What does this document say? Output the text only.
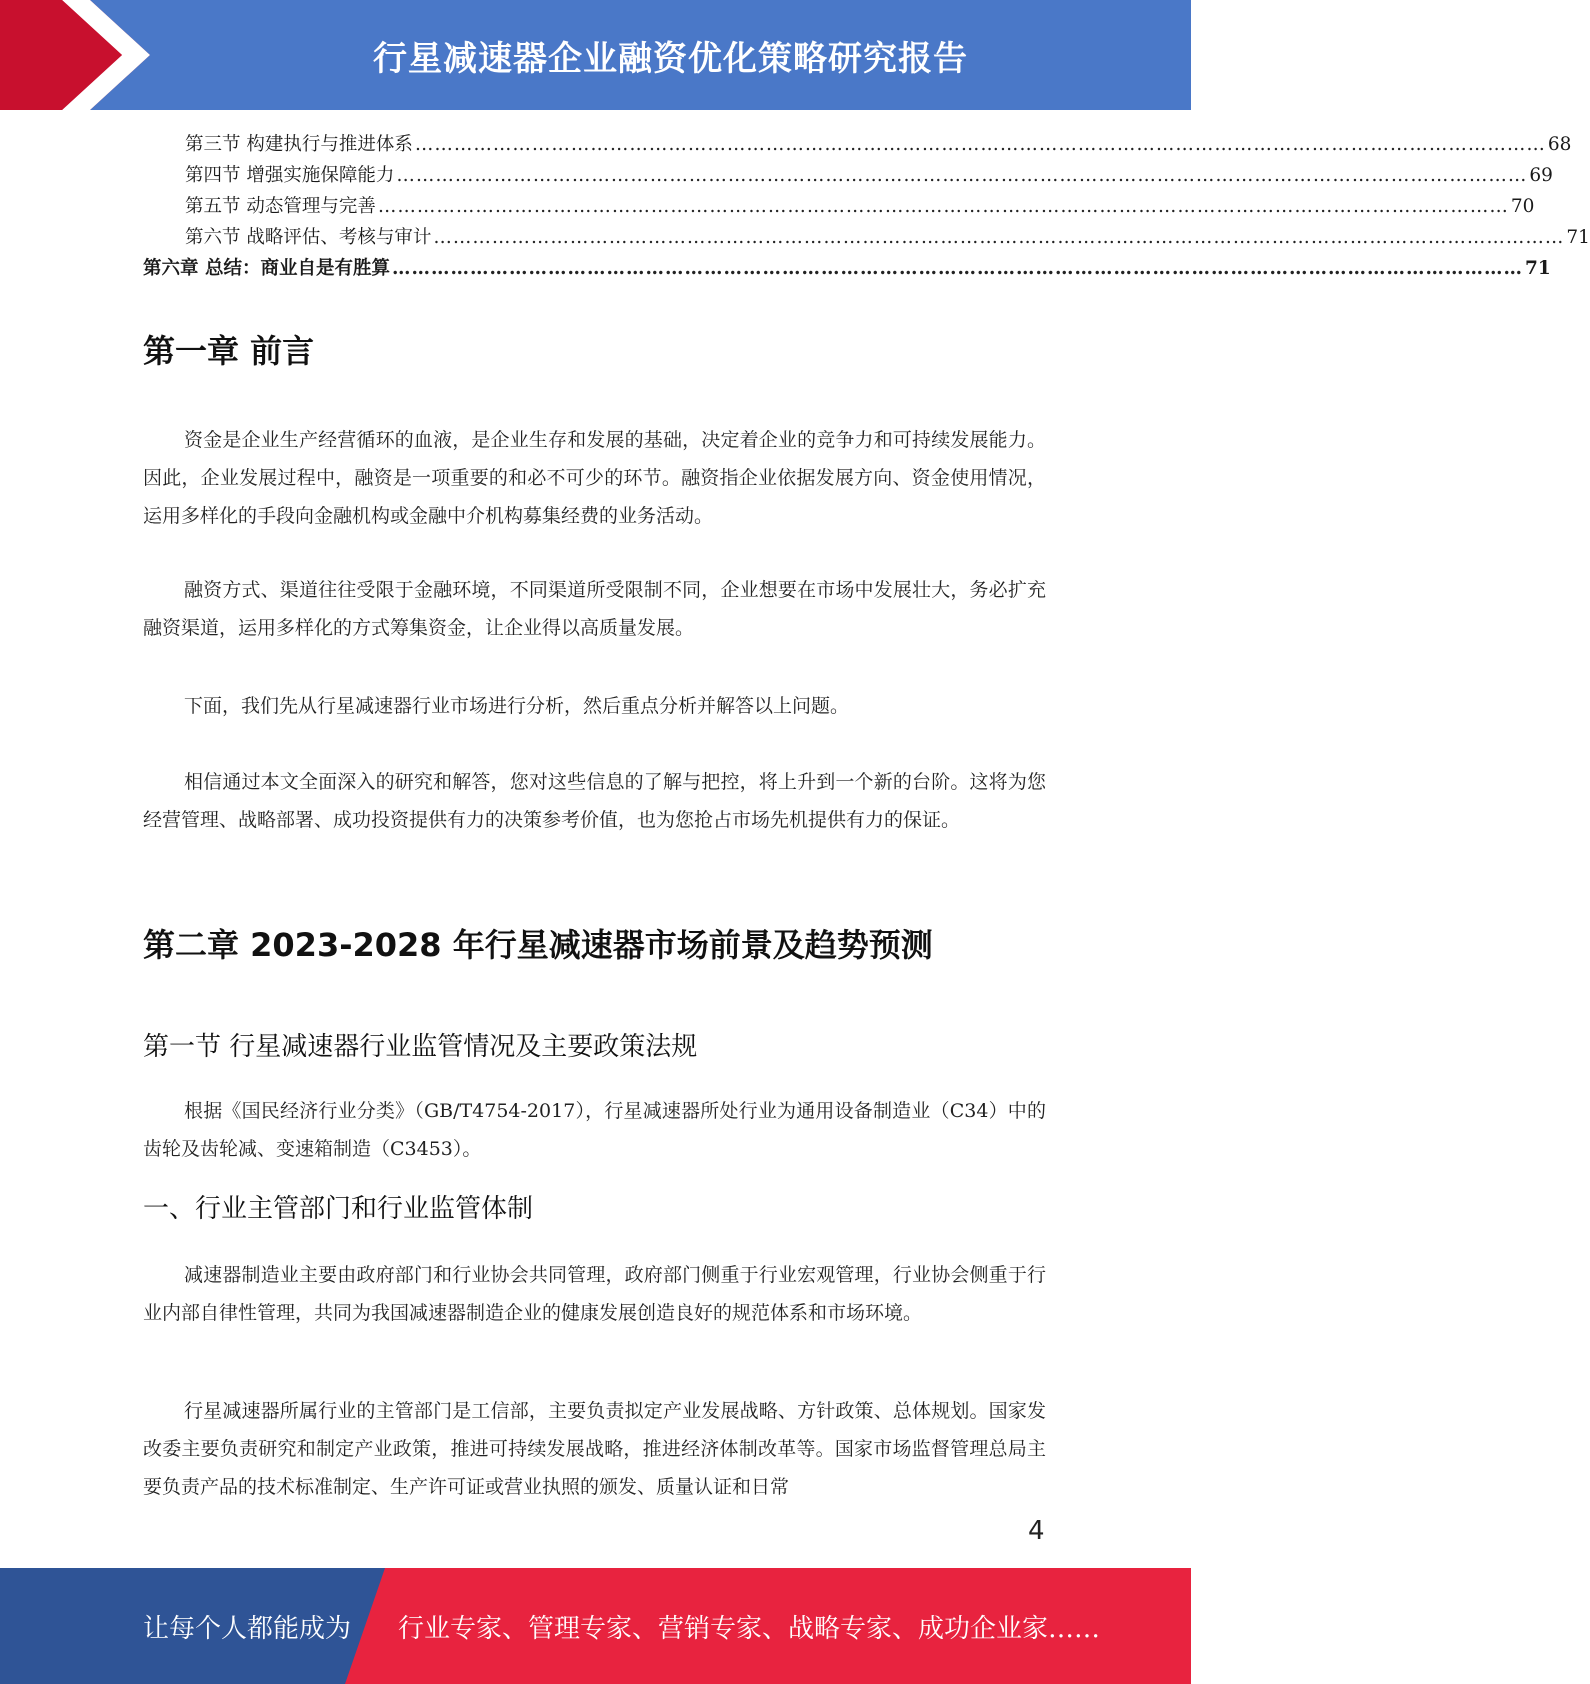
行星减速器企业融资优化策略研究报告
第三节 构建执行与推进体系 ………………………………………………………………………………………………………………………………………………………… 68
第四节 增强实施保障能力 ………………………………………………………………………………………………………………………………………………………… 69
第五节 动态管理与完善 ………………………………………………………………………………………………………………………………………………………… 70
第六节 战略评估、考核与审计 ………………………………………………………………………………………………………………………………………………………… 71
第六章 总结：商业自是有胜算 ………………………………………………………………………………………………………………………………………………………… 71
第一章 前言
资金是企业生产经营循环的血液，是企业生存和发展的基础，决定着企业的竞争力和可持续发展能力。因此，企业发展过程中，融资是一项重要的和必不可少的环节。融资指企业依据发展方向、资金使用情况，运用多样化的手段向金融机构或金融中介机构募集经费的业务活动。
融资方式、渠道往往受限于金融环境，不同渠道所受限制不同，企业想要在市场中发展壮大，务必扩充融资渠道，运用多样化的方式筹集资金，让企业得以高质量发展。
下面，我们先从行星减速器行业市场进行分析，然后重点分析并解答以上问题。
相信通过本文全面深入的研究和解答，您对这些信息的了解与把控，将上升到一个新的台阶。这将为您经营管理、战略部署、成功投资提供有力的决策参考价值，也为您抢占市场先机提供有力的保证。
第二章 2023-2028 年行星减速器市场前景及趋势预测
第一节 行星减速器行业监管情况及主要政策法规
根据《国民经济行业分类》（GB/T4754-2017），行星减速器所处行业为通用设备制造业（C34）中的齿轮及齿轮减、变速箱制造（C3453）。
一、行业主管部门和行业监管体制
减速器制造业主要由政府部门和行业协会共同管理，政府部门侧重于行业宏观管理，行业协会侧重于行业内部自律性管理，共同为我国减速器制造企业的健康发展创造良好的规范体系和市场环境。
行星减速器所属行业的主管部门是工信部，主要负责拟定产业发展战略、方针政策、总体规划。国家发改委主要负责研究和制定产业政策，推进可持续发展战略，推进经济体制改革等。国家市场监督管理总局主要负责产品的技术标准制定、生产许可证或营业执照的颁发、质量认证和日常
4
让每个人都能成为 行业专家、管理专家、营销专家、战略专家、成功企业家……
